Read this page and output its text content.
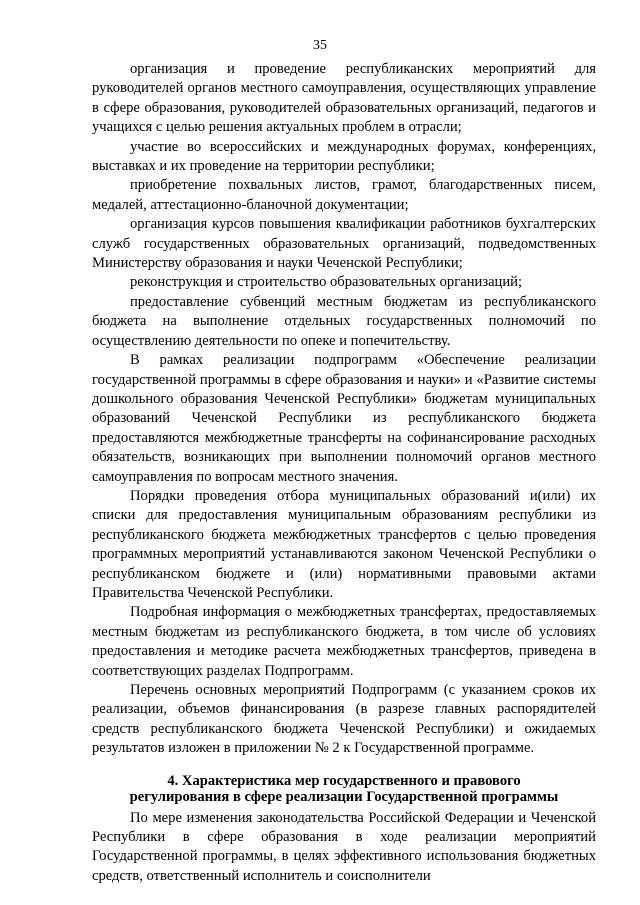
35

организация и проведение республиканских мероприятий для руководителей органов местного самоуправления, осуществляющих управление в сфере образования, руководителей образовательных организаций, педагогов и учащихся с целью решения актуальных проблем в отрасли;

участие во всероссийских и международных форумах, конференциях, выставках и их проведение на территории республики;

приобретение похвальных листов, грамот, благодарственных писем, медалей, аттестационно-бланочной документации;

организация курсов повышения квалификации работников бухгалтерских служб государственных образовательных организаций, подведомственных Министерству образования и науки Чеченской Республики;

реконструкция и строительство образовательных организаций;

предоставление субвенций местным бюджетам из республиканского бюджета на выполнение отдельных государственных полномочий по осуществлению деятельности по опеке и попечительству.

В рамках реализации подпрограмм «Обеспечение реализации государственной программы в сфере образования и науки» и «Развитие системы дошкольного образования Чеченской Республики» бюджетам муниципальных образований Чеченской Республики из республиканского бюджета предоставляются межбюджетные трансферты на софинансирование расходных обязательств, возникающих при выполнении полномочий органов местного самоуправления по вопросам местного значения.

Порядки проведения отбора муниципальных образований и(или) их списки для предоставления муниципальным образованиям республики из республиканского бюджета межбюджетных трансфертов с целью проведения программных мероприятий устанавливаются законом Чеченской Республики о республиканском бюджете и (или) нормативными правовыми актами Правительства Чеченской Республики.

Подробная информация о межбюджетных трансфертах, предоставляемых местным бюджетам из республиканского бюджета, в том числе об условиях предоставления и методике расчета межбюджетных трансфертов, приведена в соответствующих разделах Подпрограмм.

Перечень основных мероприятий Подпрограмм (с указанием сроков их реализации, объемов финансирования (в разрезе главных распорядителей средств республиканского бюджета Чеченской Республики) и ожидаемых результатов изложен в приложении № 2 к Государственной программе.

4. Характеристика мер государственного и правового
регулирования в сфере реализации Государственной программы

По мере изменения законодательства Российской Федерации и Чеченской Республики в сфере образования в ходе реализации мероприятий Государственной программы, в целях эффективного использования бюджетных средств, ответственный исполнитель и соисполнители
